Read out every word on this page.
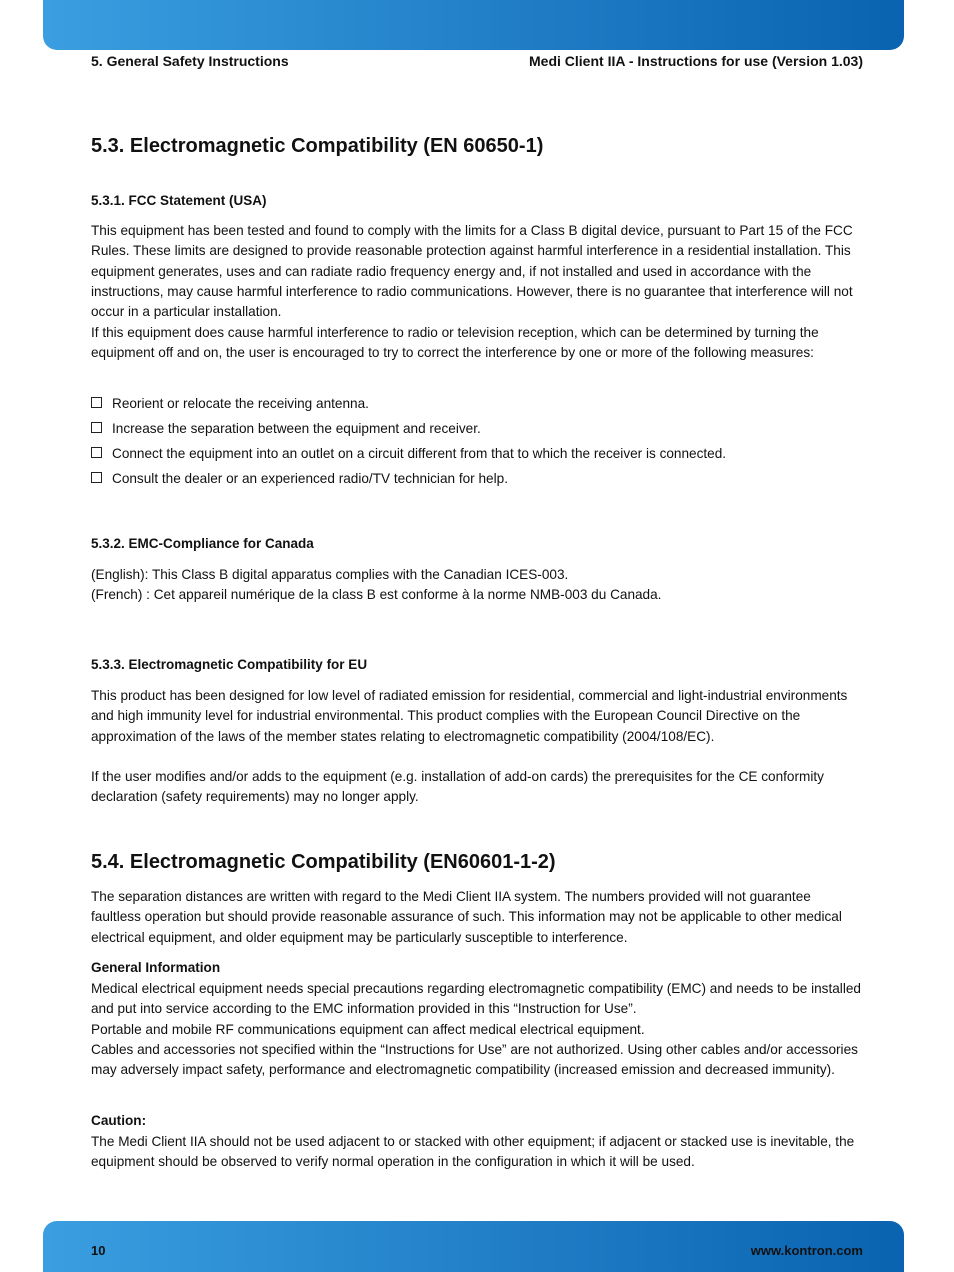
5. General Safety Instructions	Medi Client IIA - Instructions for use (Version 1.03)
5.3. Electromagnetic Compatibility (EN 60650-1)
5.3.1. FCC Statement (USA)

This equipment has been tested and found to comply with the limits for a Class B digital device, pursuant to Part 15 of the FCC Rules. These limits are designed to provide reasonable protection against harmful interference in a residential installation. This equipment generates, uses and can radiate radio frequency energy and, if not installed and used in accordance with the instructions, may cause harmful interference to radio communications. However, there is no guarantee that interference will not occur in a particular installation.

If this equipment does cause harmful interference to radio or television reception, which can be determined by turning the equipment off and on, the user is encouraged to try to correct the interference by one or more of the following measures:

Reorient or relocate the receiving antenna.
Increase the separation between the equipment and receiver.
Connect the equipment into an outlet on a circuit different from that to which the receiver is connected.
Consult the dealer or an experienced radio/TV technician for help.
5.3.2. EMC-Compliance for Canada

(English): This Class B digital apparatus complies with the Canadian ICES-003.

(French) : Cet appareil numérique de la class B est conforme à la norme NMB-003 du Canada.

5.3.3. Electromagnetic Compatibility for EU

This product has been designed for low level of radiated emission for residential, commercial and light-industrial environments and high immunity level for industrial environmental. This product complies with the European Council Directive on the approximation of the laws of the member states relating to electromagnetic compatibility (2004/108/EC).

If the user modifies and/or adds to the equipment (e.g. installation of add-on cards) the prerequisites for the CE conformity declaration (safety requirements) may no longer apply.

5.4. Electromagnetic Compatibility (EN60601-1-2)

The separation distances are written with regard to the Medi Client IIA system. The numbers provided will not guarantee faultless operation but should provide reasonable assurance of such. This information may not be applicable to other medical electrical equipment, and older equipment may be particularly susceptible to interference.

General Information

Medical electrical equipment needs special precautions regarding electromagnetic compatibility (EMC) and needs to be installed and put into service according to the EMC information provided in this “Instruction for Use”.

Portable and mobile RF communications equipment can affect medical electrical equipment.

Cables and accessories not specified within the “Instructions for Use” are not authorized. Using other cables and/or accessories may adversely impact safety, performance and electromagnetic compatibility (increased emission and decreased immunity).

Caution:

The Medi Client IIA should not be used adjacent to or stacked with other equipment; if adjacent or stacked use is inevitable, the equipment should be observed to verify normal operation in the configuration in which it will be used.

10	www.kontron.com
